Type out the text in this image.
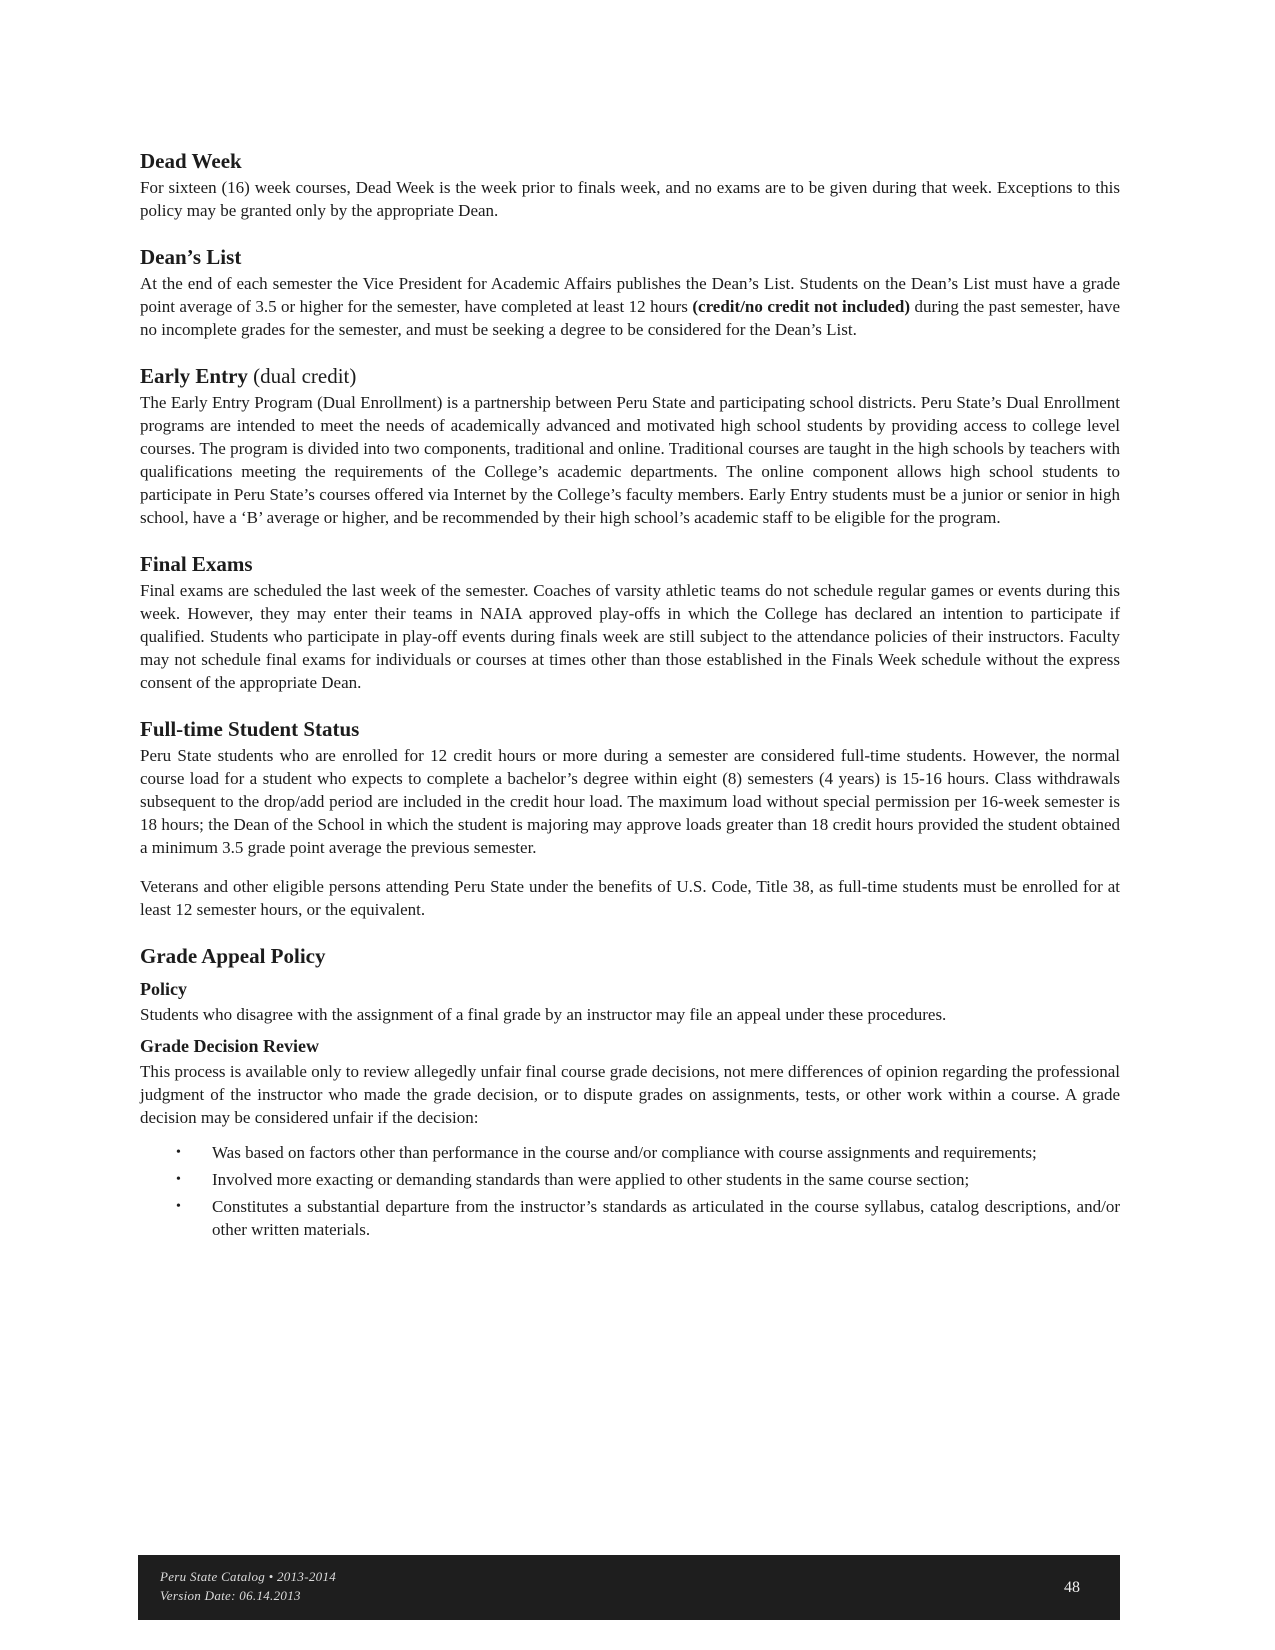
Dead Week

For sixteen (16) week courses, Dead Week is the week prior to finals week, and no exams are to be given during that week. Exceptions to this policy may be granted only by the appropriate Dean.

Dean’s List

At the end of each semester the Vice President for Academic Affairs publishes the Dean’s List. Students on the Dean’s List must have a grade point average of 3.5 or higher for the semester, have completed at least 12 hours (credit/no credit not included) during the past semester, have no incomplete grades for the semester, and must be seeking a degree to be considered for the Dean’s List.

Early Entry (dual credit)

The Early Entry Program (Dual Enrollment) is a partnership between Peru State and participating school districts. Peru State’s Dual Enrollment programs are intended to meet the needs of academically advanced and motivated high school students by providing access to college level courses. The program is divided into two components, traditional and online. Traditional courses are taught in the high schools by teachers with qualifications meeting the requirements of the College’s academic departments. The online component allows high school students to participate in Peru State’s courses offered via Internet by the College’s faculty members. Early Entry students must be a junior or senior in high school, have a ‘B’ average or higher, and be recommended by their high school’s academic staff to be eligible for the program.

Final Exams

Final exams are scheduled the last week of the semester. Coaches of varsity athletic teams do not schedule regular games or events during this week. However, they may enter their teams in NAIA approved play-offs in which the College has declared an intention to participate if qualified. Students who participate in play-off events during finals week are still subject to the attendance policies of their instructors. Faculty may not schedule final exams for individuals or courses at times other than those established in the Finals Week schedule without the express consent of the appropriate Dean.

Full-time Student Status

Peru State students who are enrolled for 12 credit hours or more during a semester are considered full-time students. However, the normal course load for a student who expects to complete a bachelor’s degree within eight (8) semesters (4 years) is 15-16 hours. Class withdrawals subsequent to the drop/add period are included in the credit hour load. The maximum load without special permission per 16-week semester is 18 hours; the Dean of the School in which the student is majoring may approve loads greater than 18 credit hours provided the student obtained a minimum 3.5 grade point average the previous semester.

Veterans and other eligible persons attending Peru State under the benefits of U.S. Code, Title 38, as full-time students must be enrolled for at least 12 semester hours, or the equivalent.

Grade Appeal Policy
Policy

Students who disagree with the assignment of a final grade by an instructor may file an appeal under these procedures.

Grade Decision Review

This process is available only to review allegedly unfair final course grade decisions, not mere differences of opinion regarding the professional judgment of the instructor who made the grade decision, or to dispute grades on assignments, tests, or other work within a course. A grade decision may be considered unfair if the decision:

• Was based on factors other than performance in the course and/or compliance with course assignments and requirements;
• Involved more exacting or demanding standards than were applied to other students in the same course section;
• Constitutes a substantial departure from the instructor’s standards as articulated in the course syllabus, catalog descriptions, and/or other written materials.
Peru State Catalog • 2013-2014
Version Date: 06.14.2013	48
